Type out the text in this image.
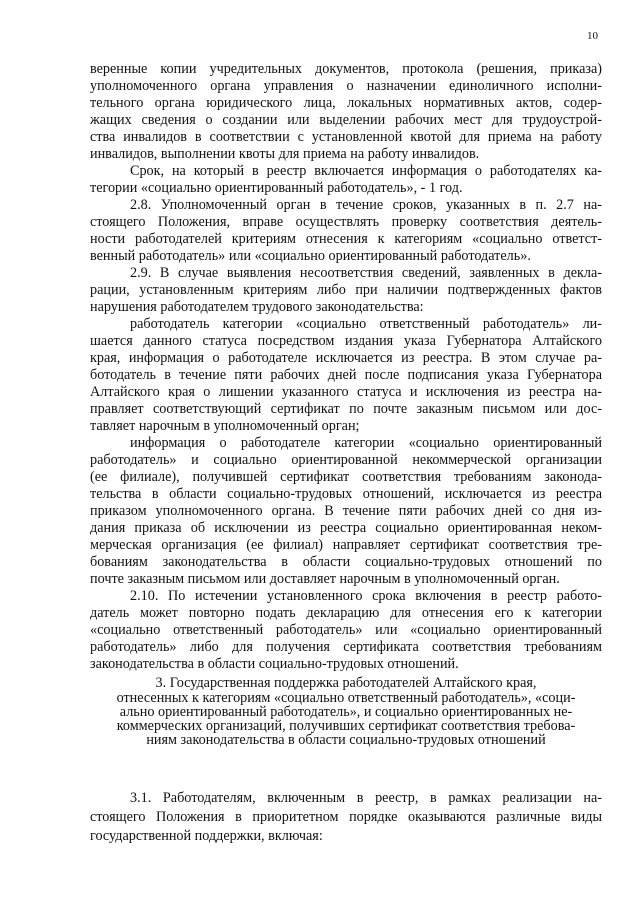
10
веренные копии учредительных документов, протокола (решения, приказа)
уполномоченного органа управления о назначении единоличного исполни-
тельного органа юридического лица, локальных нормативных актов, содер-
жащих сведения о создании или выделении рабочих мест для трудоустрой-
ства инвалидов в соответствии с установленной квотой для приема на работу
инвалидов, выполнении квоты для приема на работу инвалидов.
Срок, на который в реестр включается информация о работодателях ка-
тегории «социально ориентированный работодатель», - 1 год.
2.8. Уполномоченный орган в течение сроков, указанных в п. 2.7 на-
стоящего Положения, вправе осуществлять проверку соответствия деятель-
ности работодателей критериям отнесения к категориям «социально ответст-
венный работодатель» или «социально ориентированный работодатель».
2.9. В случае выявления несоответствия сведений, заявленных в декла-
рации, установленным критериям либо при наличии подтвержденных фактов
нарушения работодателем трудового законодательства:
работодатель категории «социально ответственный работодатель» ли-
шается данного статуса посредством издания указа Губернатора Алтайского
края, информация о работодателе исключается из реестра. В этом случае ра-
ботодатель в течение пяти рабочих дней после подписания указа Губернатора
Алтайского края о лишении указанного статуса и исключения из реестра на-
правляет соответствующий сертификат по почте заказным письмом или дос-
тавляет нарочным в уполномоченный орган;
информация о работодателе категории «социально ориентированный
работодатель» и социально ориентированной некоммерческой организации
(ее филиале), получившей сертификат соответствия требованиям законода-
тельства в области социально-трудовых отношений, исключается из реестра
приказом уполномоченного органа. В течение пяти рабочих дней со дня из-
дания приказа об исключении из реестра социально ориентированная неком-
мерческая организация (ее филиал) направляет сертификат соответствия тре-
бованиям законодательства в области социально-трудовых отношений по
почте заказным письмом или доставляет нарочным в уполномоченный орган.
2.10. По истечении установленного срока включения в реестр работо-
датель может повторно подать декларацию для отнесения его к категории
«социально ответственный работодатель» или «социально ориентированный
работодатель» либо для получения сертификата соответствия требованиям
законодательства в области социально-трудовых отношений.
3. Государственная поддержка работодателей Алтайского края,
отнесенных к категориям «социально ответственный работодатель», «соци-
ально ориентированный работодатель», и социально ориентированных не-
коммерческих организаций, получивших сертификат соответствия требова-
ниям законодательства в области социально-трудовых отношений
3.1. Работодателям, включенным в реестр, в рамках реализации на-
стоящего Положения в приоритетном порядке оказываются различные виды
государственной поддержки, включая:
